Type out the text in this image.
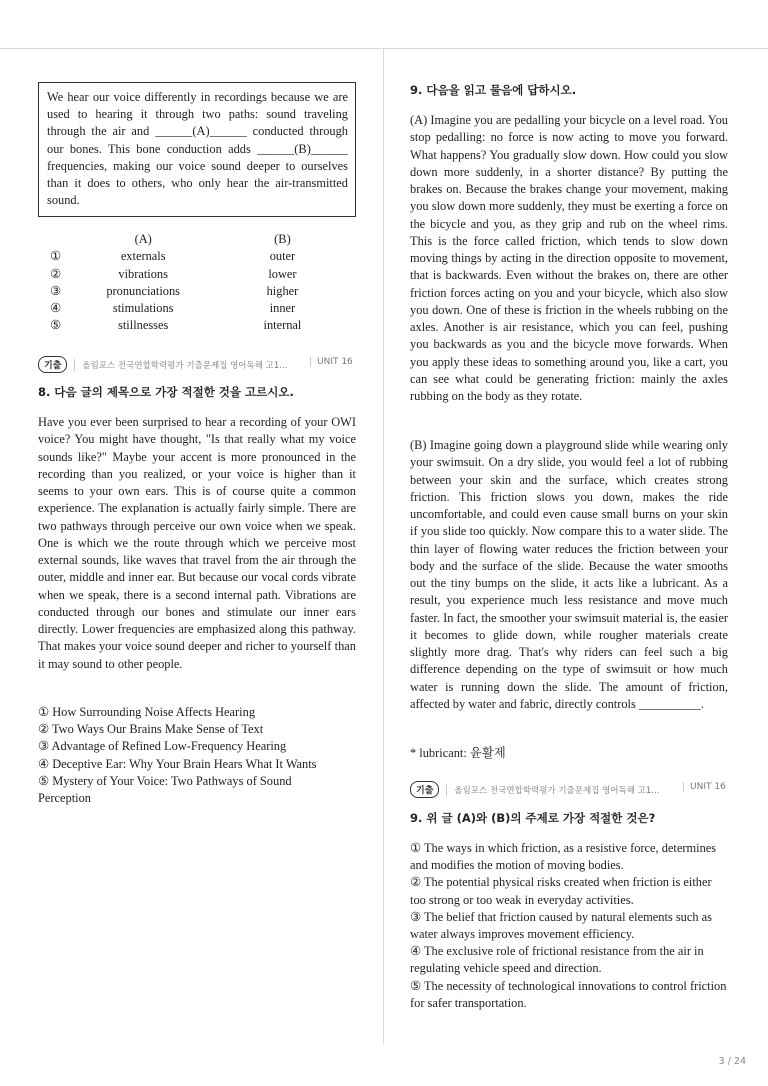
We hear our voice differently in recordings because we are used to hearing it through two paths: sound traveling through the air and ______(A)______ conducted through our bones. This bone conduction adds ______(B)______ frequencies, making our voice sound deeper to ourselves than it does to others, who only hear the air-transmitted sound.
(A)	(B)
①	externals	outer
②	vibrations	lower
③	pronunciations	higher
④	stimulations	inner
⑤	stillnesses	internal
기출	올림포스 전국연합학력평가 기출문제집 영어독해 고1...	UNIT 16
8. 다음 글의 제목으로 가장 적절한 것을 고르시오.
Have you ever been surprised to hear a recording of your OWI voice? You might have thought, "Is that really what my voice sounds like?" Maybe your accent is more pronounced in the recording than you realized, or your voice is higher than it seems to your own ears. This is of course quite a common experience. The explanation is actually fairly simple. There are two pathways through perceive our own voice when we speak. One is which we the route through which we perceive most external sounds, like waves that travel from the air through the outer, middle and inner ear. But because our vocal cords vibrate when we speak, there is a second internal path. Vibrations are conducted through our bones and stimulate our inner ears directly. Lower frequencies are emphasized along this pathway. That makes your voice sound deeper and richer to yourself than it may sound to other people.
① How Surrounding Noise Affects Hearing
② Two Ways Our Brains Make Sense of Text
③ Advantage of Refined Low-Frequency Hearing
④ Deceptive Ear: Why Your Brain Hears What It Wants
⑤ Mystery of Your Voice: Two Pathways of Sound Perception
9. 다음을 읽고 물음에 답하시오.
(A) Imagine you are pedalling your bicycle on a level road. You stop pedalling: no force is now acting to move you forward. What happens? You gradually slow down. How could you slow down more suddenly, in a shorter distance? By putting the brakes on. Because the brakes change your movement, making you slow down more suddenly, they must be exerting a force on the bicycle and you, as they grip and rub on the wheel rims. This is the force called friction, which tends to slow down moving things by acting in the direction opposite to movement, that is backwards. Even without the brakes on, there are other friction forces acting on you and your bicycle, which also slow you down. One of these is friction in the wheels rubbing on the axles. Another is air resistance, which you can feel, pushing you backwards as you and the bicycle move forwards. When you apply these ideas to something around you, like a cart, you can see what could be generating friction: mainly the axles rubbing on the body as they rotate.
(B) Imagine going down a playground slide while wearing only your swimsuit. On a dry slide, you would feel a lot of rubbing between your skin and the surface, which creates strong friction. This friction slows you down, makes the ride uncomfortable, and could even cause small burns on your skin if you slide too quickly. Now compare this to a water slide. The thin layer of flowing water reduces the friction between your body and the surface of the slide. Because the water smooths out the tiny bumps on the slide, it acts like a lubricant. As a result, you experience much less resistance and move much faster. In fact, the smoother your swimsuit material is, the easier it becomes to glide down, while rougher materials create slightly more drag. That's why riders can feel such a big difference depending on the type of swimsuit or how much water is running down the slide. The amount of friction, affected by water and fabric, directly controls __________.
* lubricant: 윤활제
기출	올림포스 전국연합학력평가 기출문제집 영어독해 고1...	UNIT 16
9. 위 글 (A)와 (B)의 주제로 가장 적절한 것은?
① The ways in which friction, as a resistive force, determines and modifies the motion of moving bodies.
② The potential physical risks created when friction is either too strong or too weak in everyday activities.
③ The belief that friction caused by natural elements such as water always improves movement efficiency.
④ The exclusive role of frictional resistance from the air in regulating vehicle speed and direction.
⑤ The necessity of technological innovations to control friction for safer transportation.
3 / 24
